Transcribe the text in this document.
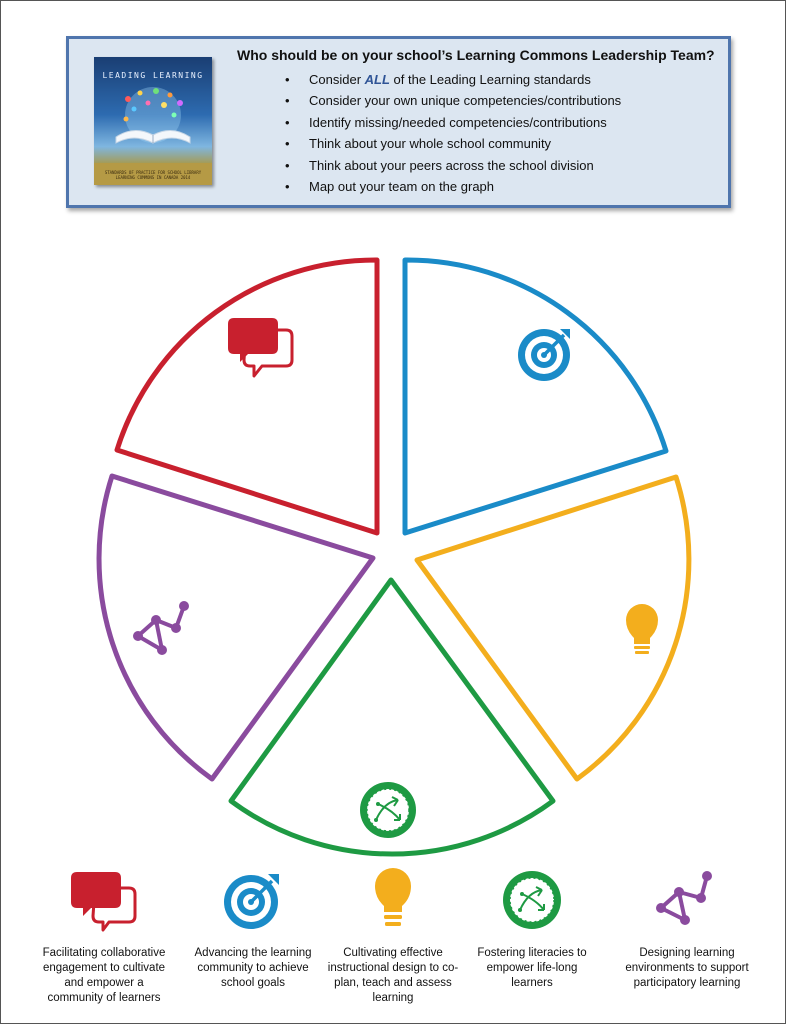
LEADING LEARNING
STANDARDS OF PRACTICE FOR SCHOOL LIBRARY
LEARNING COMMONS IN CANADA 2014
Who should be on your school’s Learning Commons Leadership Team?
• Consider ALL of the Leading Learning standards
• Consider your own unique competencies/contributions
• Identify missing/needed competencies/contributions
• Think about your whole school community
• Think about your peers across the school division
• Map out your team on the graph
Facilitating collaborative engagement to cultivate and empower a community of learners
Advancing the learning community to achieve school goals
Cultivating effective instructional design to co-plan, teach and assess learning
Fostering literacies to empower life-long learners
Designing learning environments to support participatory learning
